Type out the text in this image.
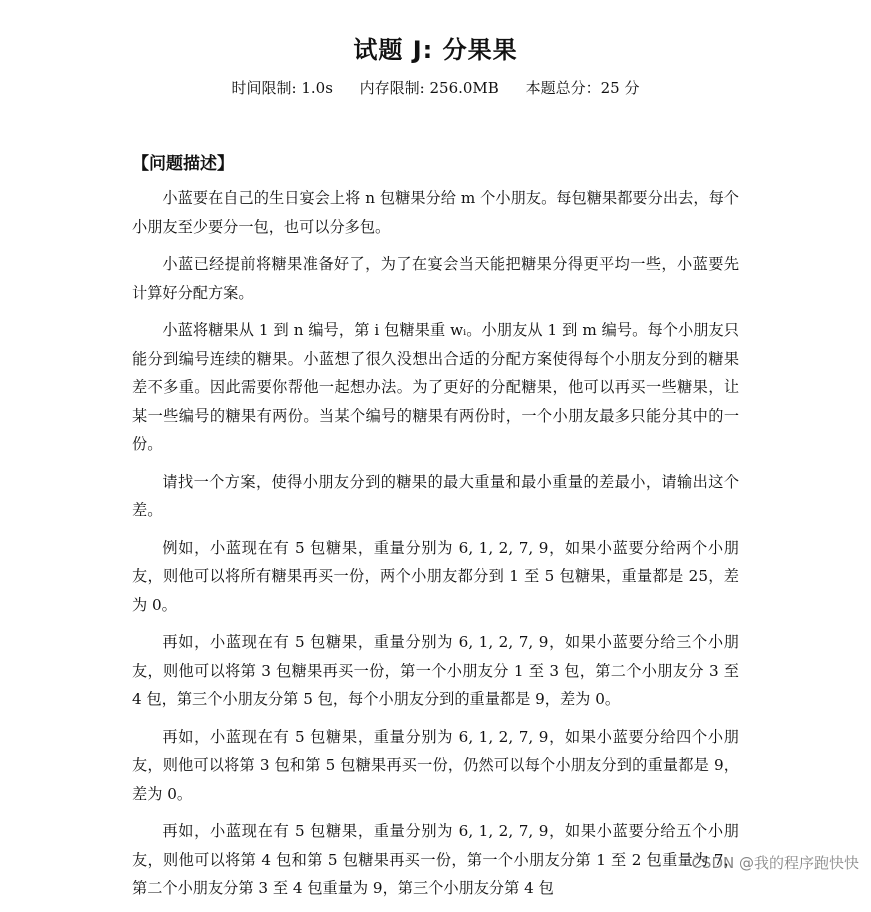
试题 J: 分果果
时间限制: 1.0s 内存限制: 256.0MB 本题总分：25 分
【问题描述】

小蓝要在自己的生日宴会上将 n 包糖果分给 m 个小朋友。每包糖果都要分出去，每个小朋友至少要分一包，也可以分多包。

小蓝已经提前将糖果准备好了，为了在宴会当天能把糖果分得更平均一些，小蓝要先计算好分配方案。

小蓝将糖果从 1 到 n 编号，第 i 包糖果重 wᵢ。小朋友从 1 到 m 编号。每个小朋友只能分到编号连续的糖果。小蓝想了很久没想出合适的分配方案使得每个小朋友分到的糖果差不多重。因此需要你帮他一起想办法。为了更好的分配糖果，他可以再买一些糖果，让某一些编号的糖果有两份。当某个编号的糖果有两份时，一个小朋友最多只能分其中的一份。

请找一个方案，使得小朋友分到的糖果的最大重量和最小重量的差最小，请输出这个差。

例如，小蓝现在有 5 包糖果，重量分别为 6, 1, 2, 7, 9，如果小蓝要分给两个小朋友，则他可以将所有糖果再买一份，两个小朋友都分到 1 至 5 包糖果，重量都是 25，差为 0。

再如，小蓝现在有 5 包糖果，重量分别为 6, 1, 2, 7, 9，如果小蓝要分给三个小朋友，则他可以将第 3 包糖果再买一份，第一个小朋友分 1 至 3 包，第二个小朋友分 3 至 4 包，第三个小朋友分第 5 包，每个小朋友分到的重量都是 9，差为 0。

再如，小蓝现在有 5 包糖果，重量分别为 6, 1, 2, 7, 9，如果小蓝要分给四个小朋友，则他可以将第 3 包和第 5 包糖果再买一份，仍然可以每个小朋友分到的重量都是 9，差为 0。

再如，小蓝现在有 5 包糖果，重量分别为 6, 1, 2, 7, 9，如果小蓝要分给五个小朋友，则他可以将第 4 包和第 5 包糖果再买一份，第一个小朋友分第 1 至 2 包重量为 7，第二个小朋友分第 3 至 4 包重量为 9，第三个小朋友分第 4 包

CSDN @我的程序跑快快
